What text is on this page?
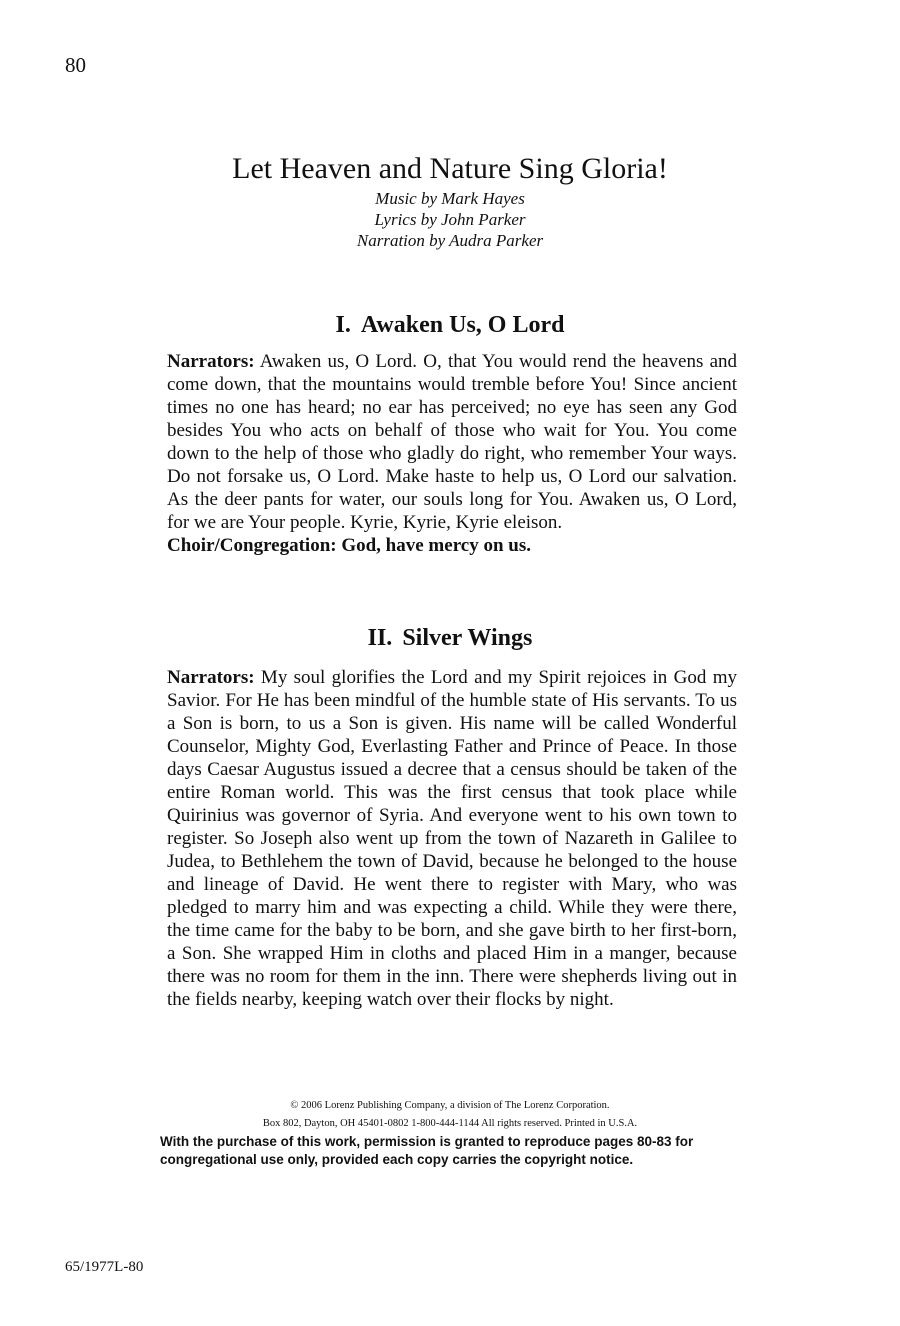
80
Let Heaven and Nature Sing Gloria!
Music by Mark Hayes
Lyrics by John Parker
Narration by Audra Parker
I. Awaken Us, O Lord
Narrators: Awaken us, O Lord. O, that You would rend the heavens and come down, that the mountains would tremble before You! Since ancient times no one has heard; no ear has perceived; no eye has seen any God besides You who acts on behalf of those who wait for You. You come down to the help of those who gladly do right, who remember Your ways. Do not forsake us, O Lord. Make haste to help us, O Lord our salvation. As the deer pants for water, our souls long for You. Awaken us, O Lord, for we are Your people. Kyrie, Kyrie, Kyrie eleison.
Choir/Congregation: God, have mercy on us.
II. Silver Wings
Narrators: My soul glorifies the Lord and my Spirit rejoices in God my Savior. For He has been mindful of the humble state of His servants. To us a Son is born, to us a Son is given. His name will be called Wonderful Counselor, Mighty God, Everlasting Father and Prince of Peace. In those days Caesar Augustus issued a decree that a census should be taken of the entire Roman world. This was the first census that took place while Quirinius was governor of Syria. And everyone went to his own town to register. So Joseph also went up from the town of Nazareth in Galilee to Judea, to Bethlehem the town of David, because he belonged to the house and lineage of David. He went there to register with Mary, who was pledged to marry him and was expecting a child. While they were there, the time came for the baby to be born, and she gave birth to her first-born, a Son. She wrapped Him in cloths and placed Him in a manger, because there was no room for them in the inn. There were shepherds living out in the fields nearby, keeping watch over their flocks by night.
© 2006 Lorenz Publishing Company, a division of The Lorenz Corporation.
Box 802, Dayton, OH 45401-0802 1-800-444-1144 All rights reserved. Printed in U.S.A.

With the purchase of this work, permission is granted to reproduce pages 80-83 for congregational use only, provided each copy carries the copyright notice.

65/1977L-80
